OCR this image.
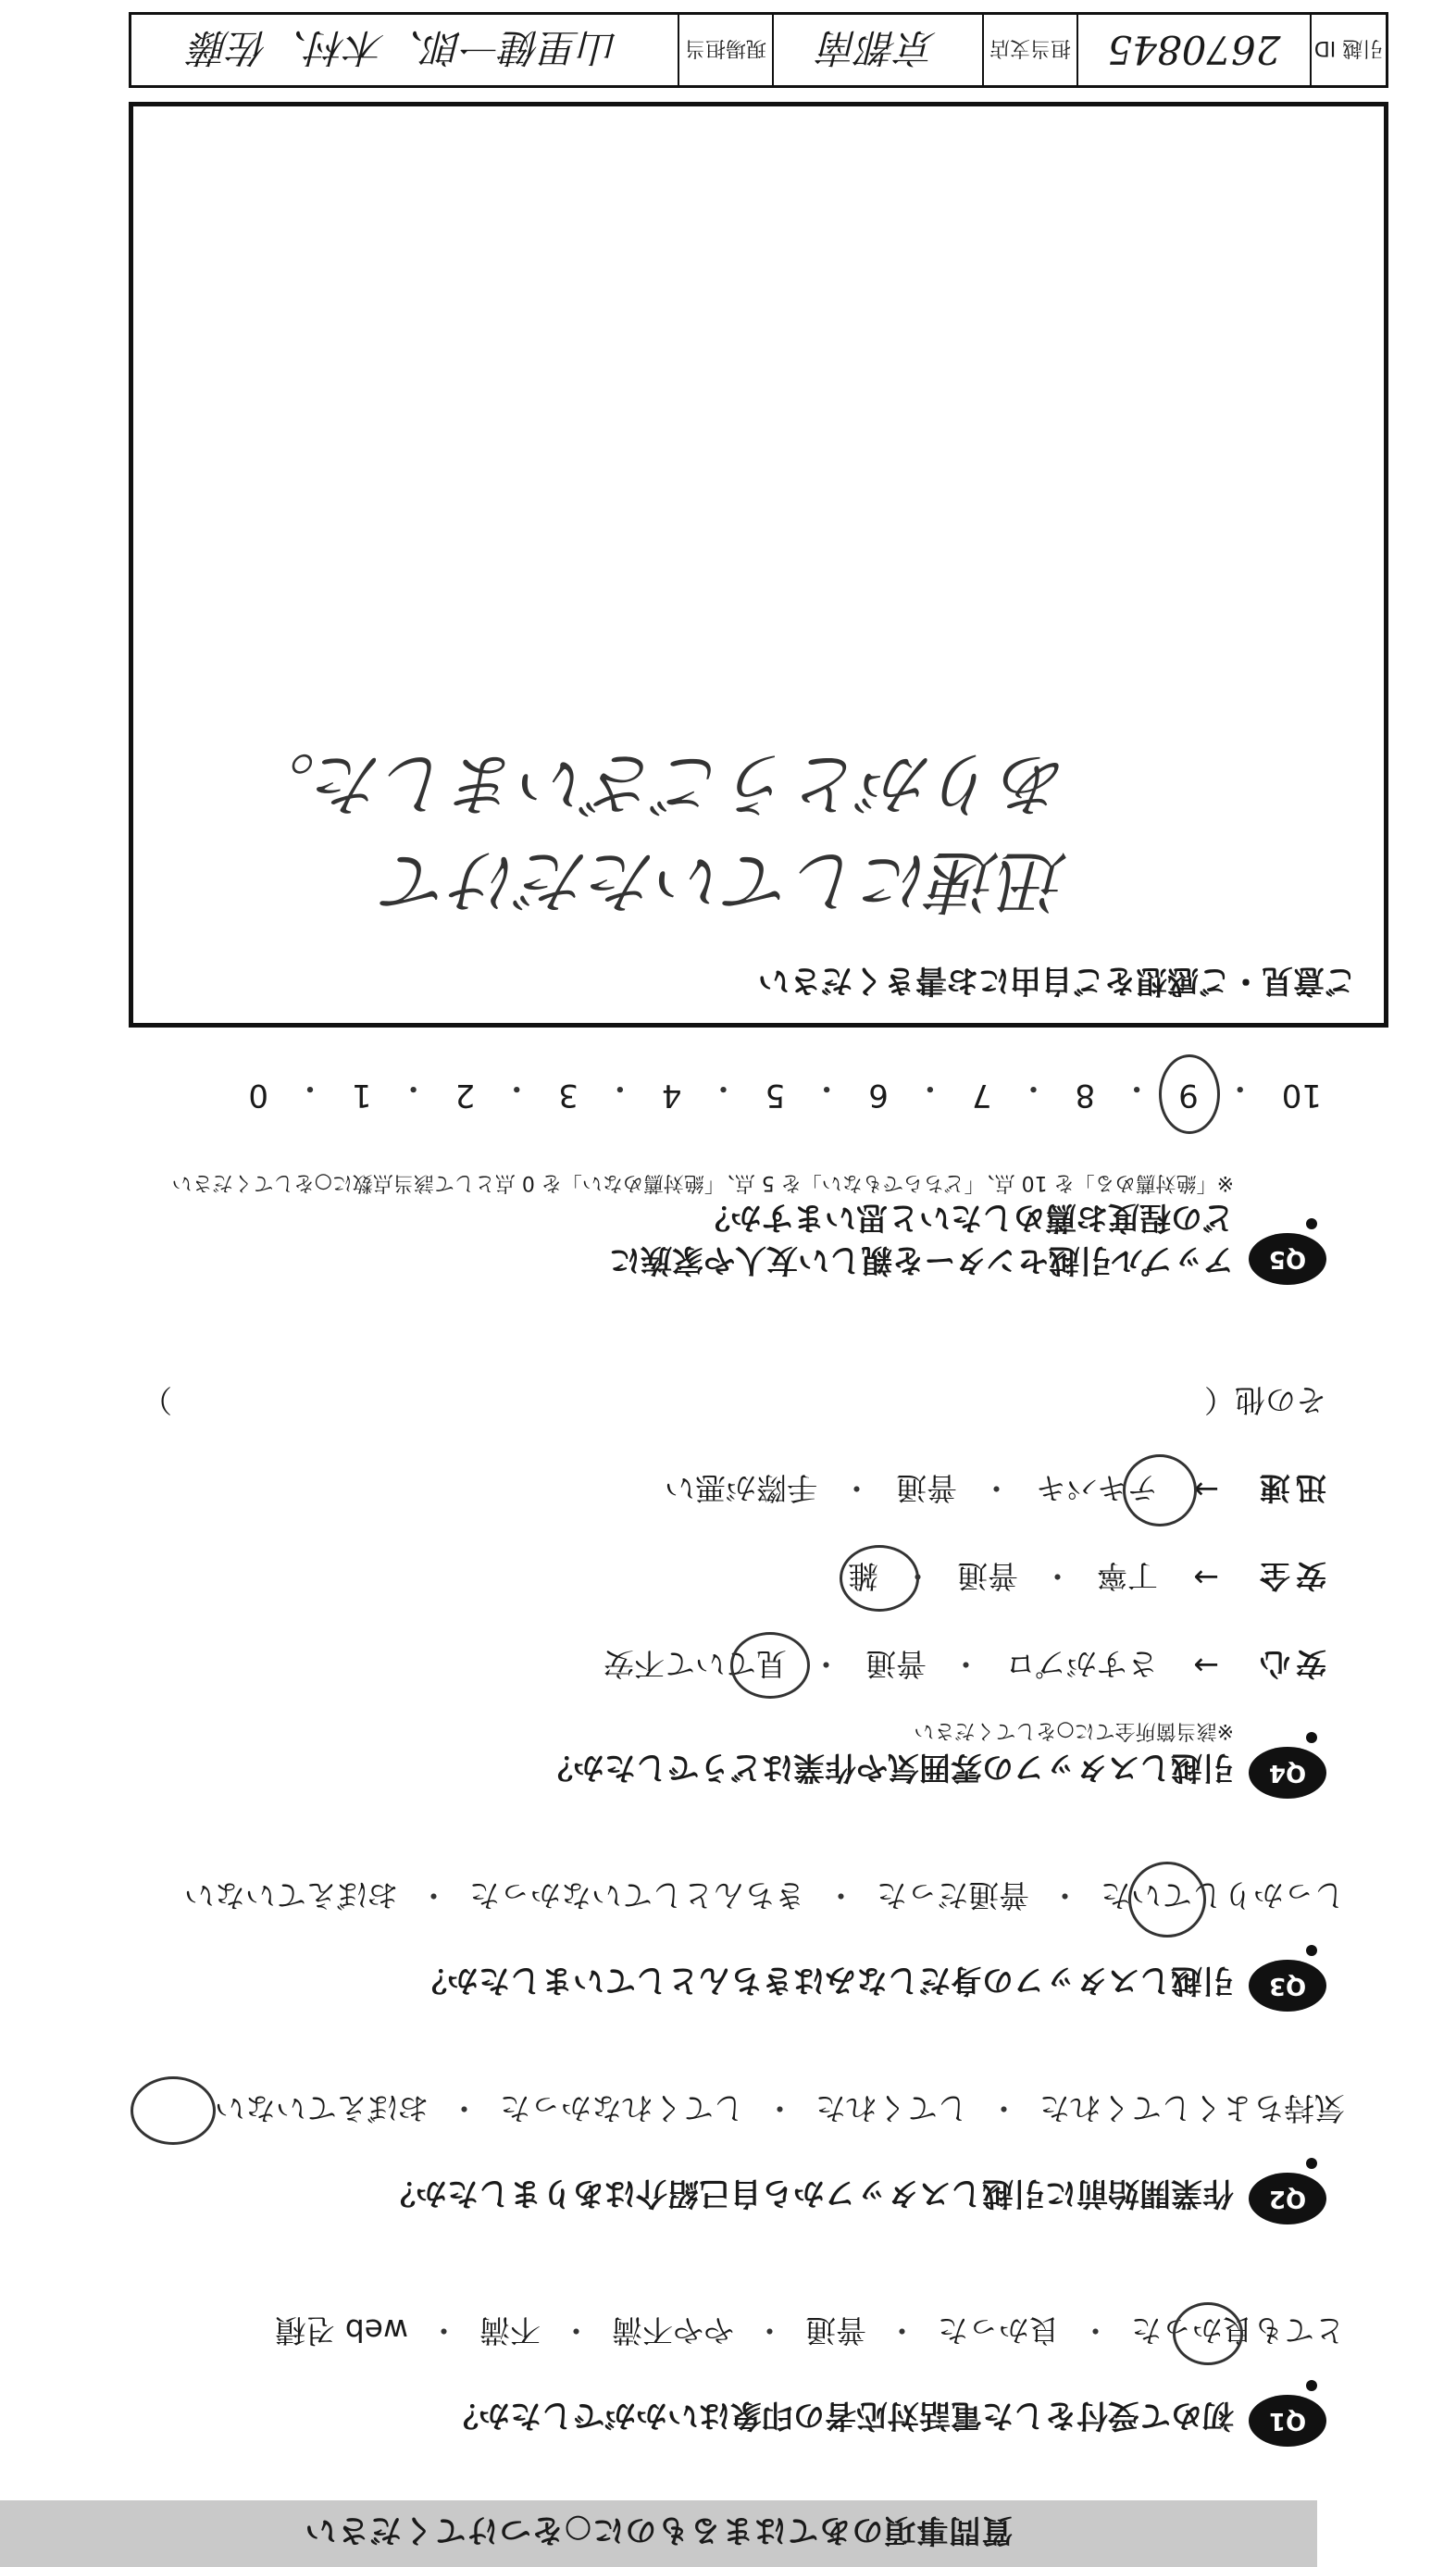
質問事項のあてはまるものに○をつけてください
Q1
初めて受付をした電話対応者の印象はいかがでしたか？
とても良かった
・
良かった
・
普通
・
やや不満
・
不満
・
web 견積
Q2
作業開始前に引越しスタッフから自己紹介はありましたか？
気持ちよくしてくれた
・
してくれた
・
してくれなかった
・
おぼえていない
Q3
引越しスタッフの身だしなみはきちんとしていましたか？
しっかりしていた
・
普通だった
・
きちんとしていなかった
・
おぼえていない
Q4
引越しスタッフの雰囲気や作業はどうでしたか？
※該当箇所全てに○をしてください
安心
→
さすがプロ
・
普通
・
見ていて不安
安全
→
丁寧
・
普通
・
雑
迅速
→
テキパキ
・
普通
・
手際が悪い
その他（
）
Q5
アップル引越センターを親しい友人や家族に
どの程度お薦めしたいと思いますか？
※「絶対薦める」を 10 点、「どちらでもない」を 5 点、「絶対薦めない」を 0 点として該当点数に○をしてください
10
・
9
・
8
・
7
・
6
・
5
・
4
・
3
・
2
・
1
・
0
ご意見・ご感想をご自由にお書きください
迅速にしていただけて
ありがとうございました。
引越 ID
2670845
担当支店
京都南
現場担当
山里健一郎、木村、佐藤
